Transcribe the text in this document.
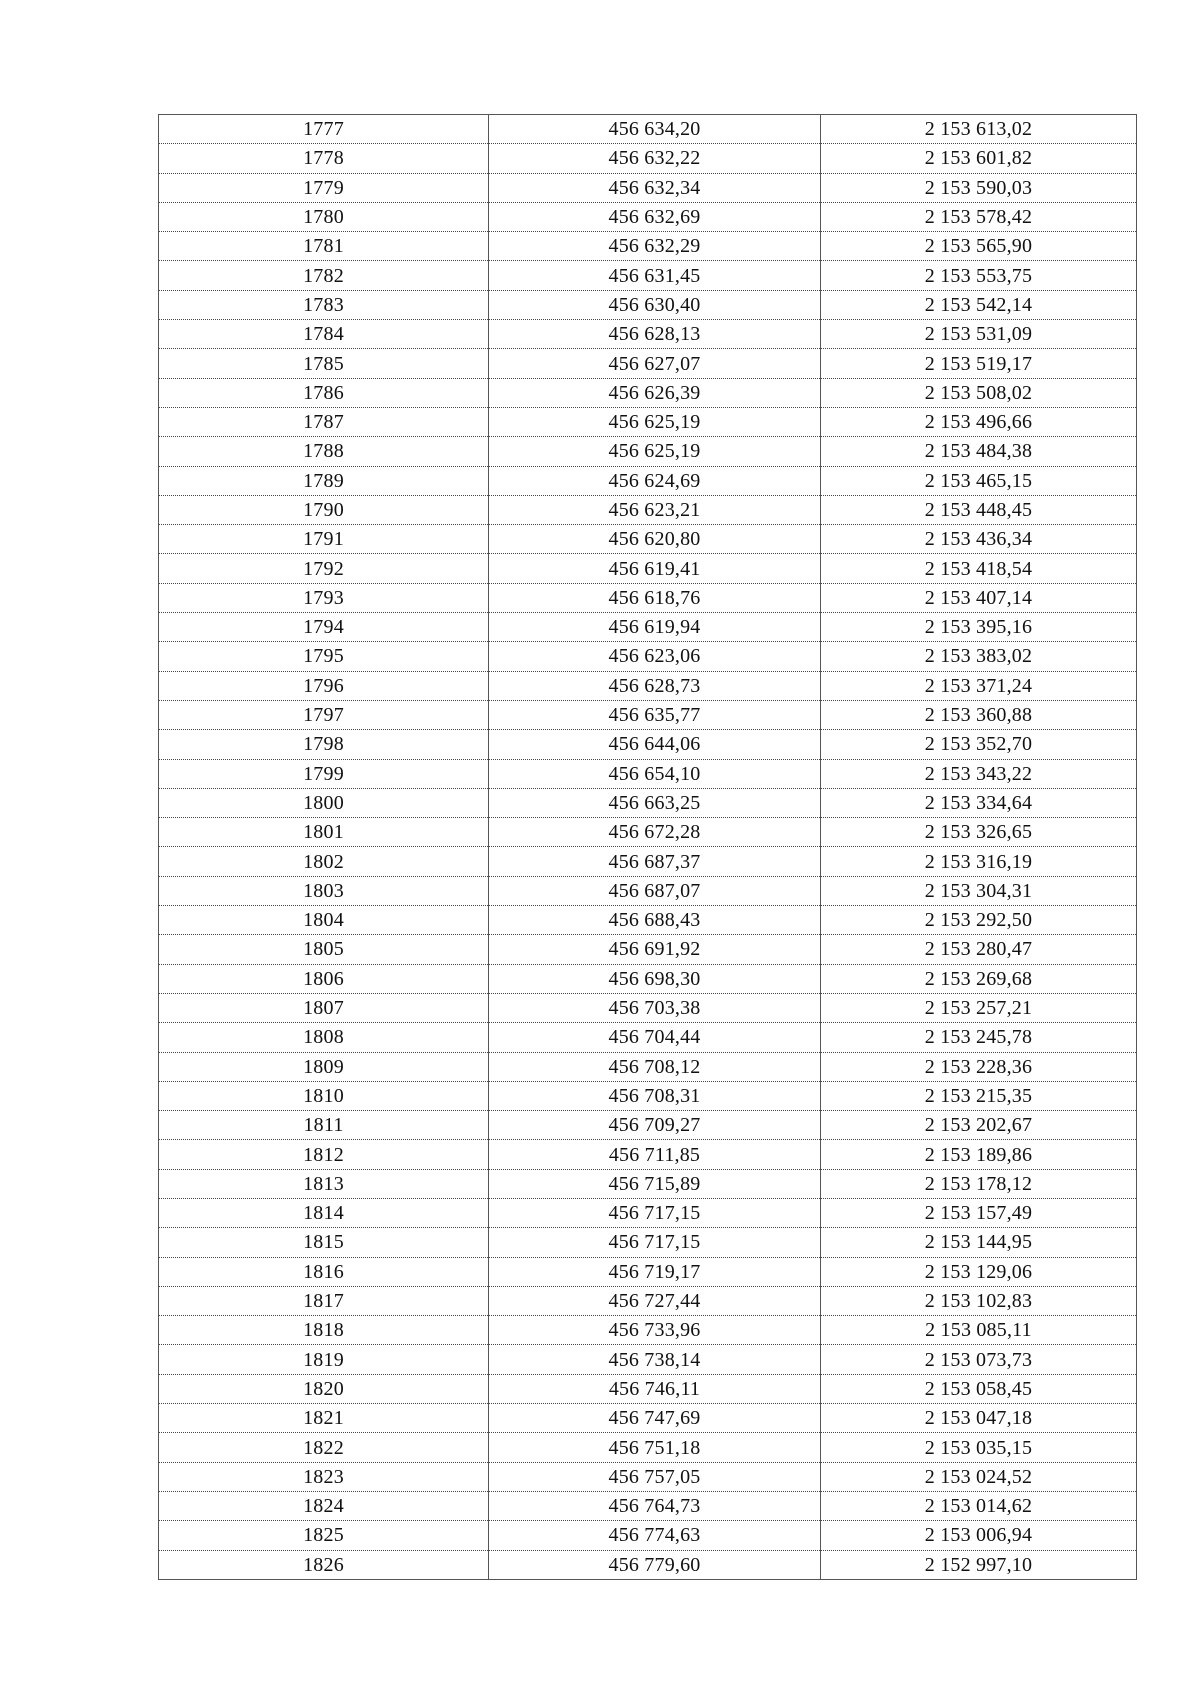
1777	456 634,20	2 153 613,02
1778	456 632,22	2 153 601,82
1779	456 632,34	2 153 590,03
1780	456 632,69	2 153 578,42
1781	456 632,29	2 153 565,90
1782	456 631,45	2 153 553,75
1783	456 630,40	2 153 542,14
1784	456 628,13	2 153 531,09
1785	456 627,07	2 153 519,17
1786	456 626,39	2 153 508,02
1787	456 625,19	2 153 496,66
1788	456 625,19	2 153 484,38
1789	456 624,69	2 153 465,15
1790	456 623,21	2 153 448,45
1791	456 620,80	2 153 436,34
1792	456 619,41	2 153 418,54
1793	456 618,76	2 153 407,14
1794	456 619,94	2 153 395,16
1795	456 623,06	2 153 383,02
1796	456 628,73	2 153 371,24
1797	456 635,77	2 153 360,88
1798	456 644,06	2 153 352,70
1799	456 654,10	2 153 343,22
1800	456 663,25	2 153 334,64
1801	456 672,28	2 153 326,65
1802	456 687,37	2 153 316,19
1803	456 687,07	2 153 304,31
1804	456 688,43	2 153 292,50
1805	456 691,92	2 153 280,47
1806	456 698,30	2 153 269,68
1807	456 703,38	2 153 257,21
1808	456 704,44	2 153 245,78
1809	456 708,12	2 153 228,36
1810	456 708,31	2 153 215,35
1811	456 709,27	2 153 202,67
1812	456 711,85	2 153 189,86
1813	456 715,89	2 153 178,12
1814	456 717,15	2 153 157,49
1815	456 717,15	2 153 144,95
1816	456 719,17	2 153 129,06
1817	456 727,44	2 153 102,83
1818	456 733,96	2 153 085,11
1819	456 738,14	2 153 073,73
1820	456 746,11	2 153 058,45
1821	456 747,69	2 153 047,18
1822	456 751,18	2 153 035,15
1823	456 757,05	2 153 024,52
1824	456 764,73	2 153 014,62
1825	456 774,63	2 153 006,94
1826	456 779,60	2 152 997,10
